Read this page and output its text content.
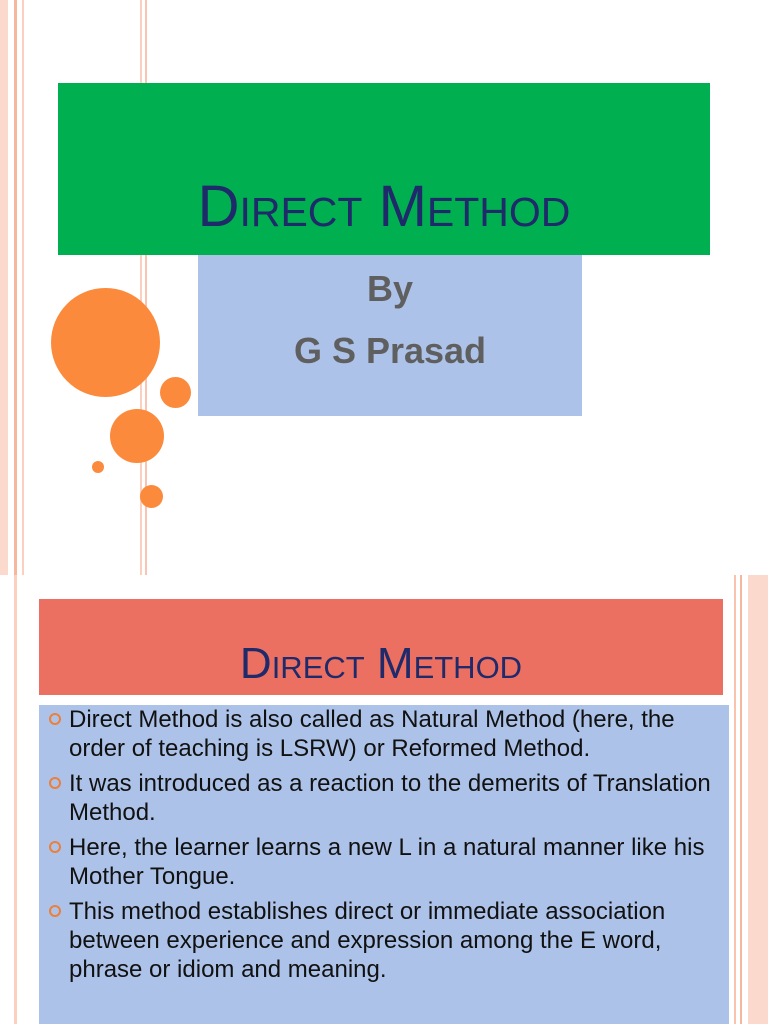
Direct Method
By
G S Prasad
Direct Method
Direct Method is also called as Natural Method (here, the order of teaching is LSRW) or Reformed Method.
It was introduced as a reaction to the demerits of Translation Method.
Here, the learner learns a new L in a natural manner like his Mother Tongue.
This method establishes direct or immediate association between experience and expression among the E word, phrase or idiom and meaning.
